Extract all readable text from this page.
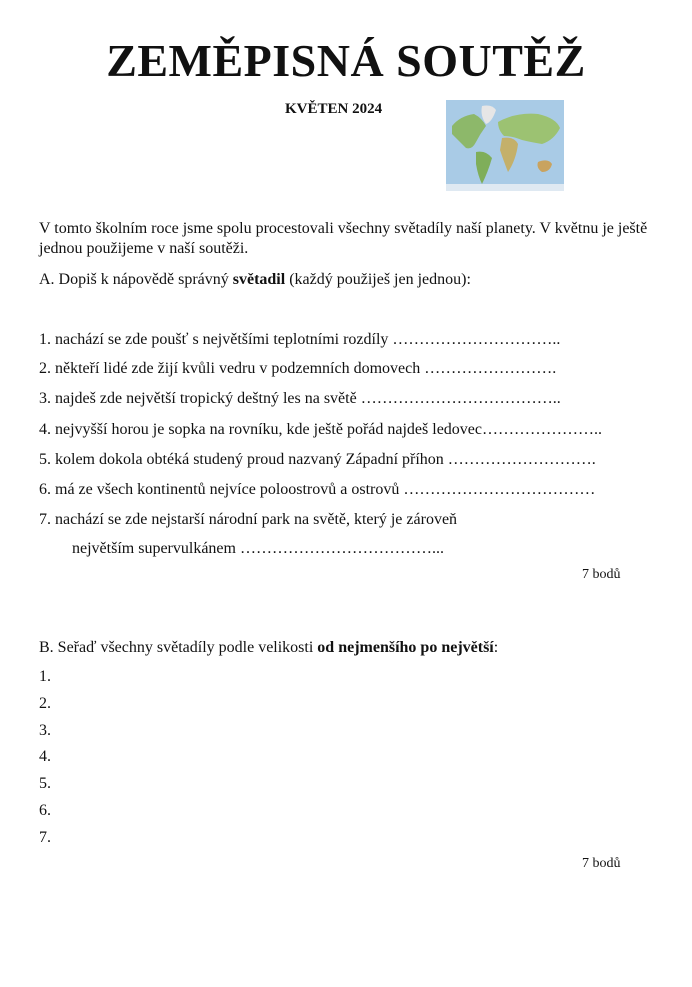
ZEMĚPISNÁ SOUTĚŽ
KVĚTEN 2024
V tomto školním roce jsme spolu procestovali všechny světadíly naší planety. V květnu je ještě jednou použijeme v naší soutěži.
A. Dopiš k nápovědě správný světadil (každý použiješ jen jednou):
1. nachází se zde poušť s největšími teplotními rozdíly …………………………..
2. někteří lidé zde žijí kvůli vedru v podzemních domovech …………………….
3. najdeš zde největší tropický deštný les na světě ………………………………..
4. nejvyšší horou je sopka na rovníku, kde ještě pořád najdeš ledovec…………………..
5. kolem dokola obtéká studený proud nazvaný Západní příhon ……………………….
6. má ze všech kontinentů nejvíce poloostrovů a ostrovů ………………………………
7. nachází se zde nejstarší národní park na světě, který je zároveň
největším supervulkánem ………………………………...
7 bodů
B. Seřaď všechny světadíly podle velikosti od nejmenšího po největší:
1.
2.
3.
4.
5.
6.
7.
7 bodů
